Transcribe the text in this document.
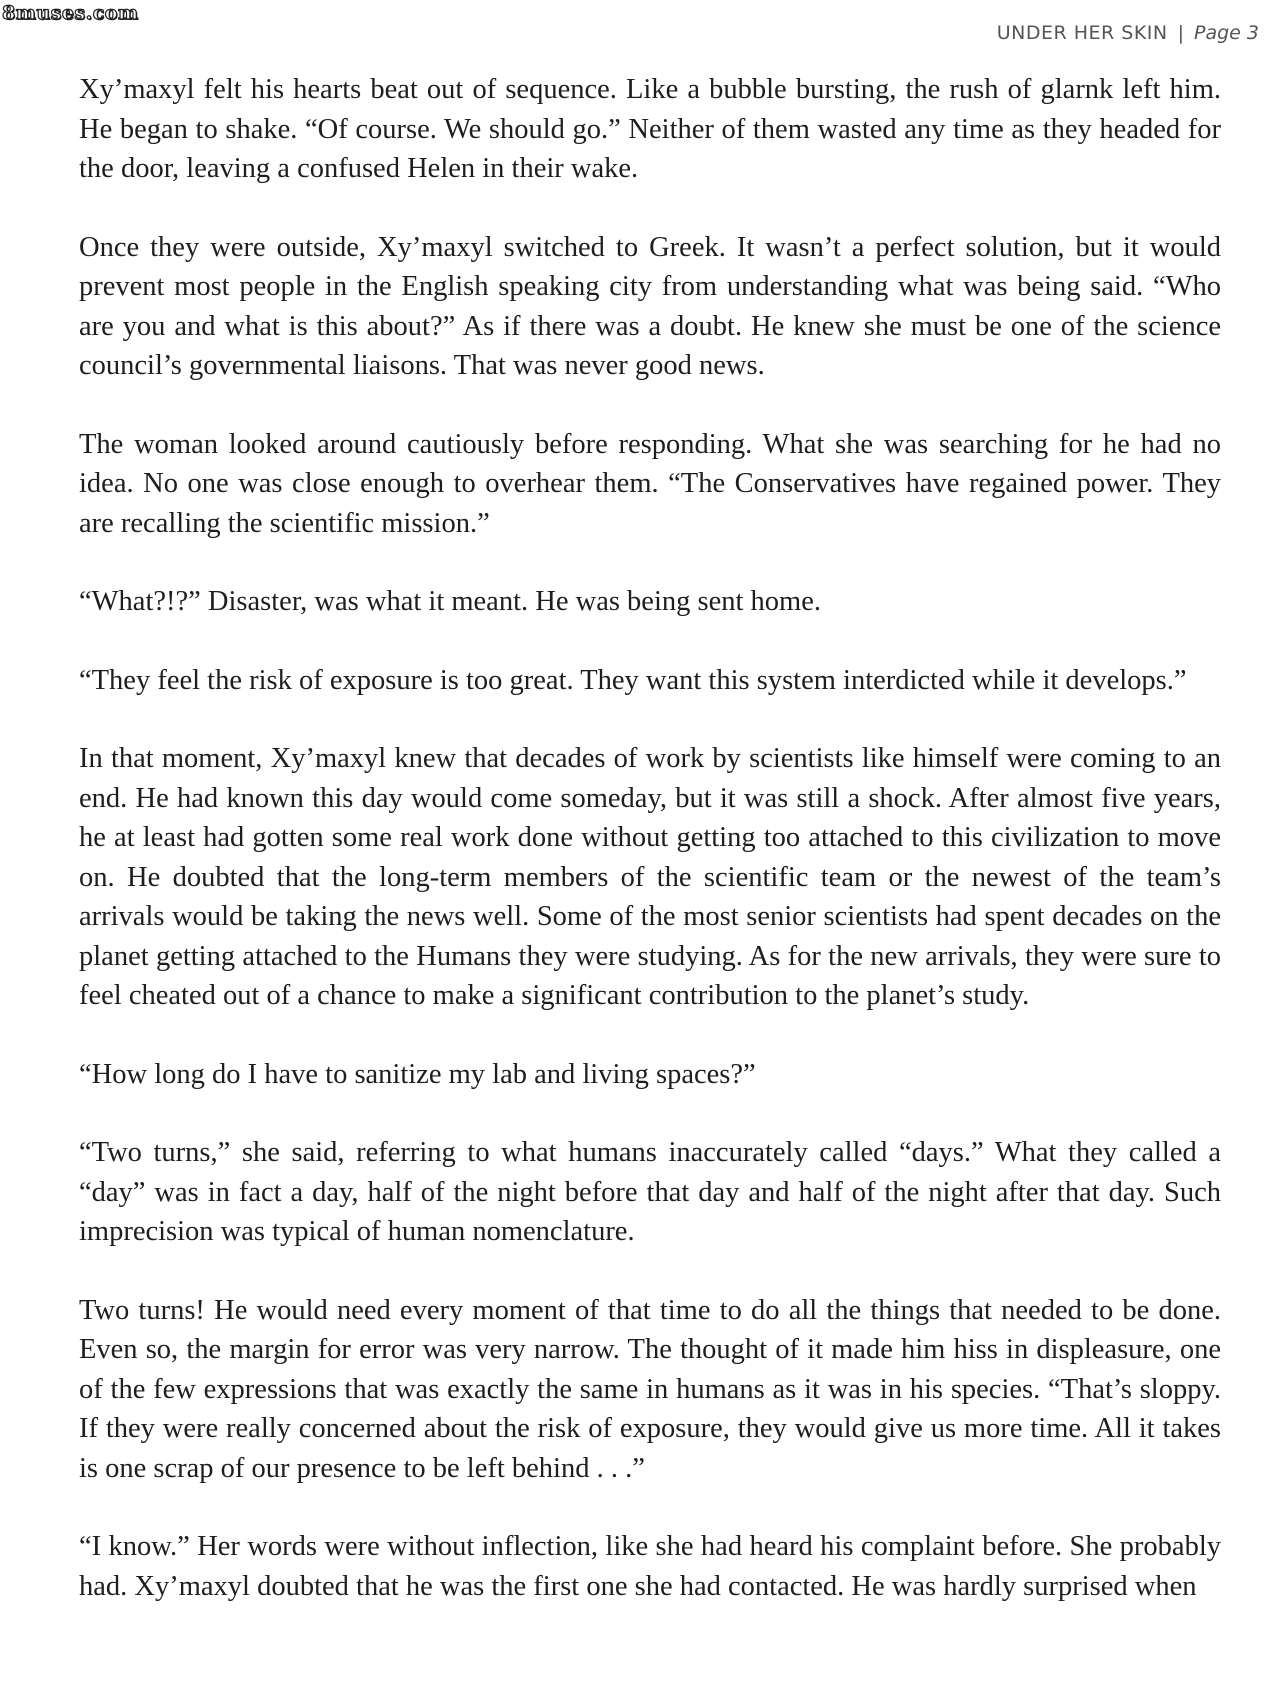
8muses.com
UNDER HER SKIN | Page 3

Xy’maxyl felt his hearts beat out of sequence. Like a bubble bursting, the rush of glarnk left him. He began to shake. “Of course. We should go.” Neither of them wasted any time as they headed for the door, leaving a confused Helen in their wake.

Once they were outside, Xy’maxyl switched to Greek. It wasn’t a perfect solution, but it would prevent most people in the English speaking city from understanding what was being said. “Who are you and what is this about?” As if there was a doubt. He knew she must be one of the science council’s governmental liaisons. That was never good news.

The woman looked around cautiously before responding. What she was searching for he had no idea. No one was close enough to overhear them. “The Conservatives have regained power. They are recalling the scientific mission.”

“What?!?” Disaster, was what it meant. He was being sent home.

“They feel the risk of exposure is too great. They want this system interdicted while it develops.”

In that moment, Xy’maxyl knew that decades of work by scientists like himself were coming to an end. He had known this day would come someday, but it was still a shock. After almost five years, he at least had gotten some real work done without getting too attached to this civilization to move on. He doubted that the long-term members of the scientific team or the newest of the team’s arrivals would be taking the news well. Some of the most senior scientists had spent decades on the planet getting attached to the Humans they were studying. As for the new arrivals, they were sure to feel cheated out of a chance to make a significant contribution to the planet’s study.

“How long do I have to sanitize my lab and living spaces?”

“Two turns,” she said, referring to what humans inaccurately called “days.” What they called a “day” was in fact a day, half of the night before that day and half of the night after that day. Such imprecision was typical of human nomenclature.

Two turns! He would need every moment of that time to do all the things that needed to be done. Even so, the margin for error was very narrow. The thought of it made him hiss in displeasure, one of the few expressions that was exactly the same in humans as it was in his species. “That’s sloppy. If they were really concerned about the risk of exposure, they would give us more time. All it takes is one scrap of our presence to be left behind . . .”

“I know.” Her words were without inflection, like she had heard his complaint before. She probably had. Xy’maxyl doubted that he was the first one she had contacted. He was hardly surprised when
